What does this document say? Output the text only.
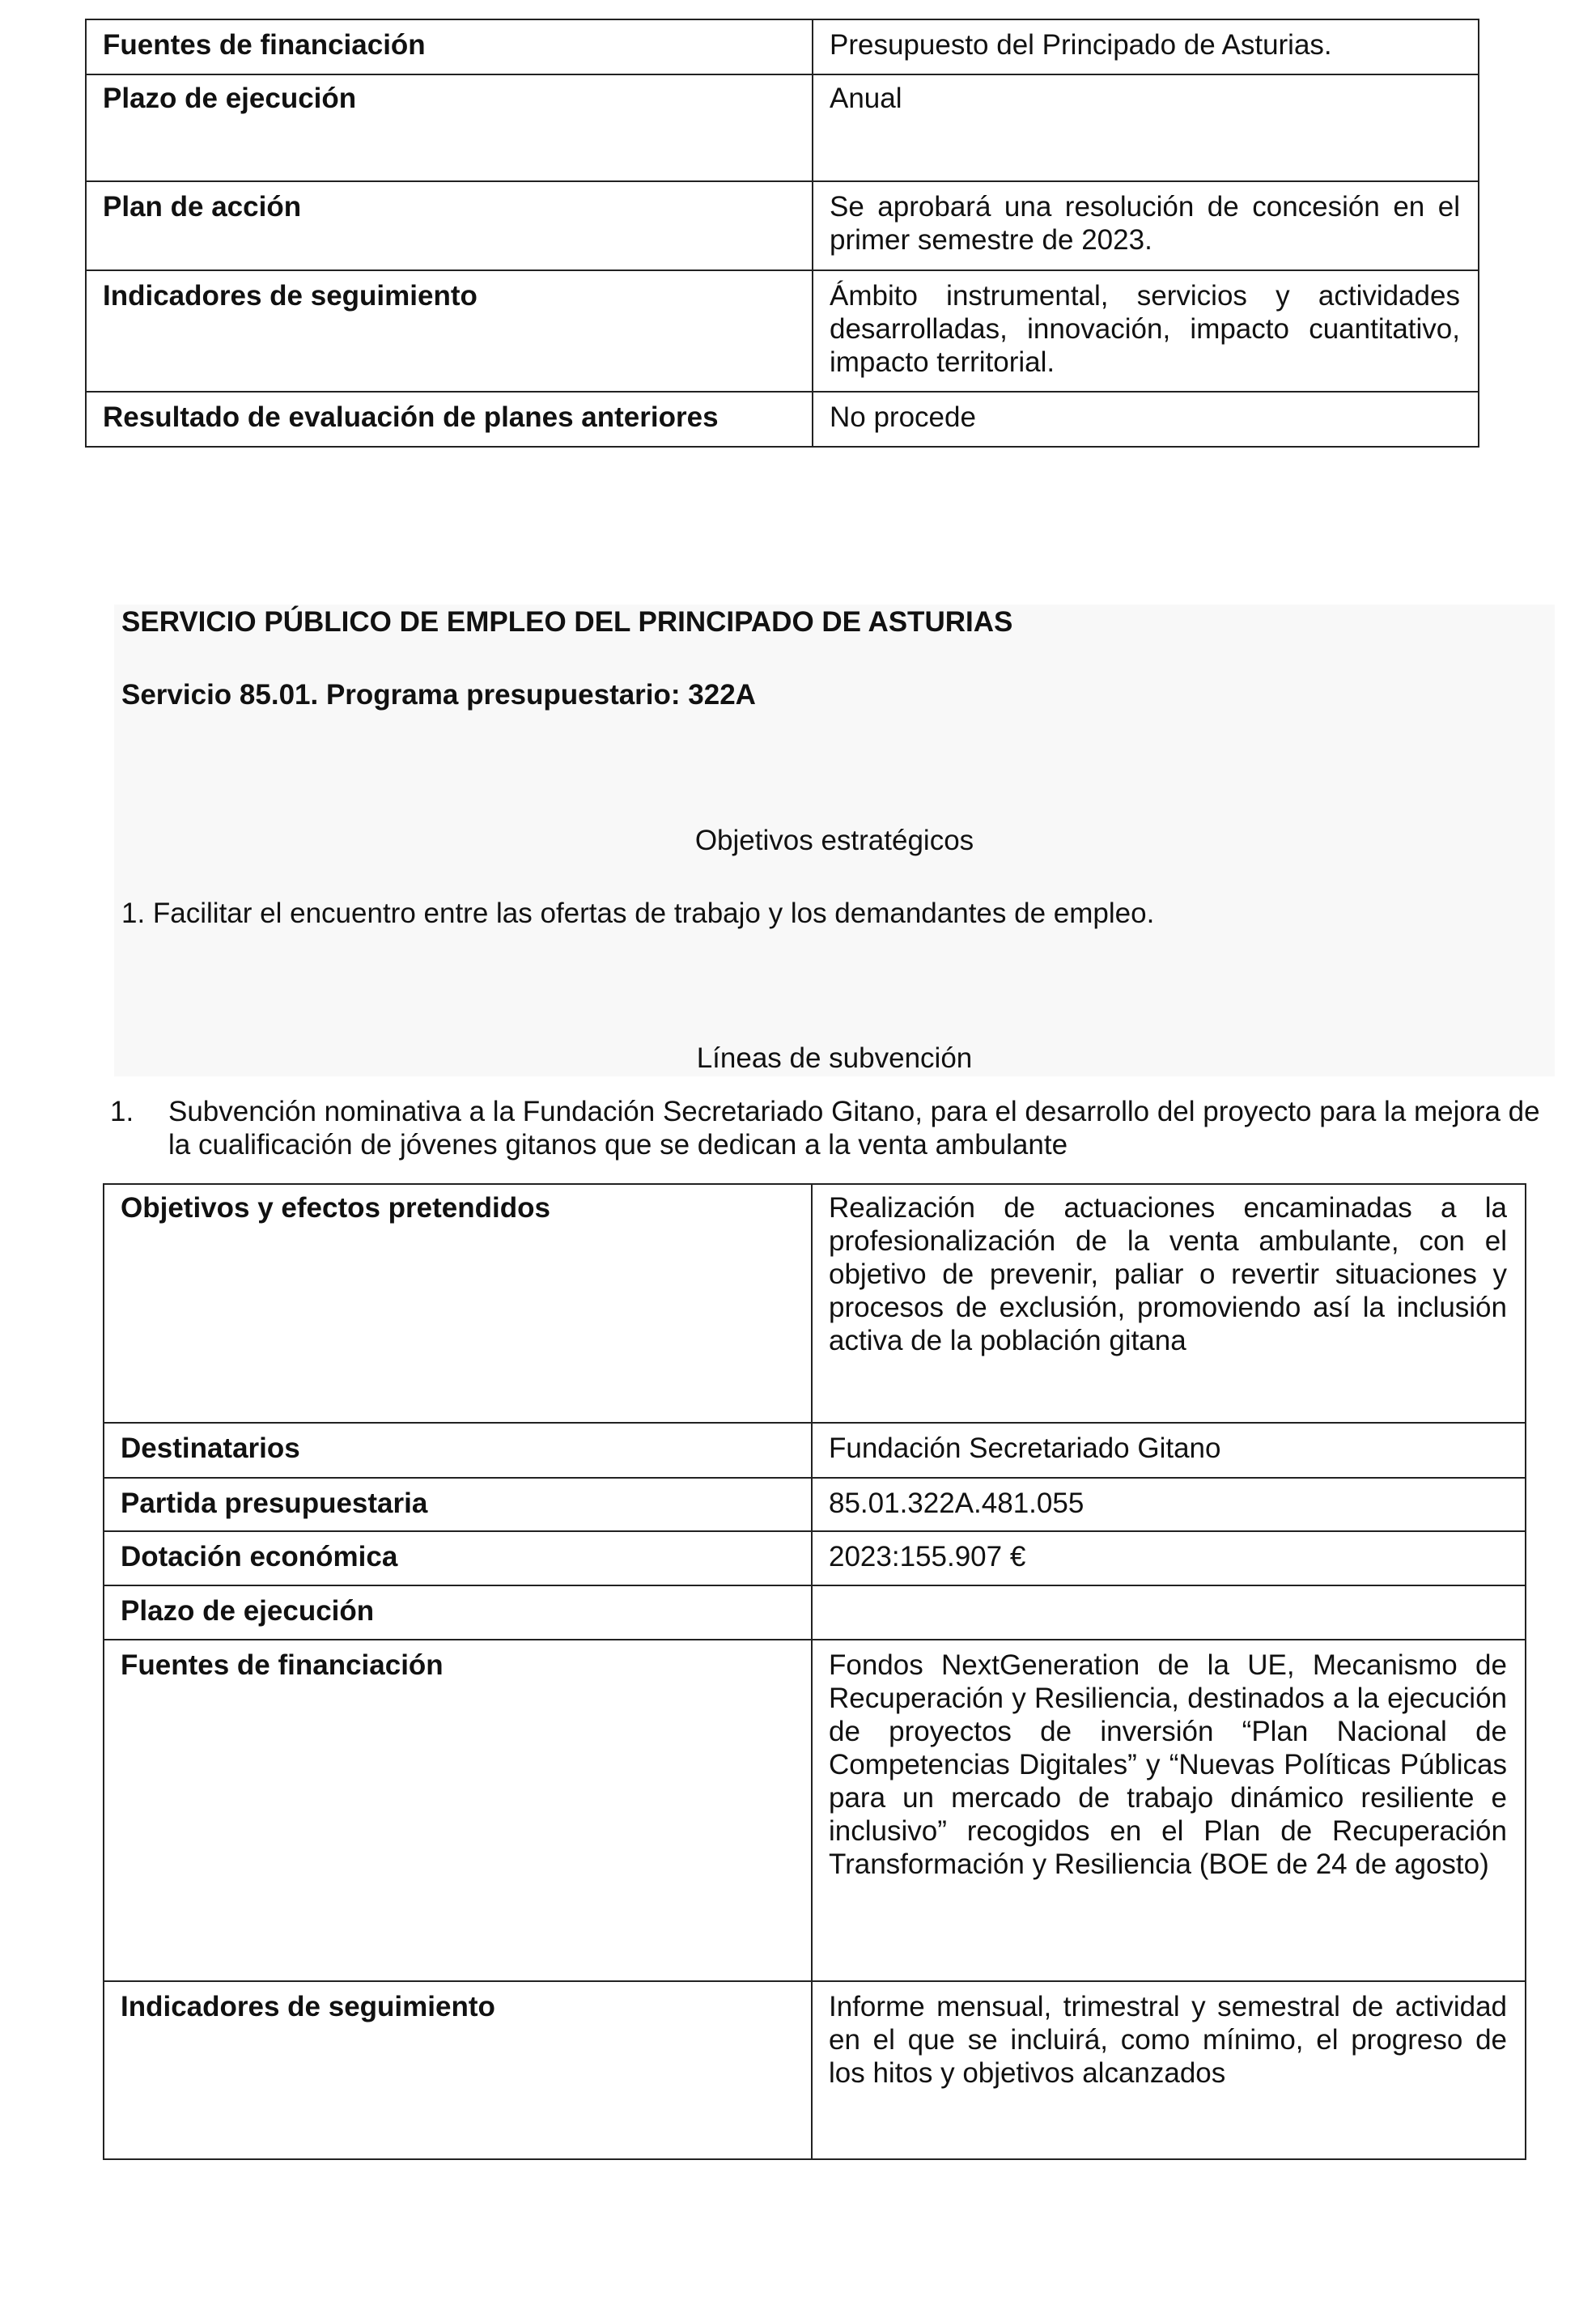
Fuentes de financiación	Presupuesto del Principado de Asturias.
Plazo de ejecución	Anual
Plan de acción	Se aprobará una resolución de concesión en el primer semestre de 2023.
Indicadores de seguimiento	Ámbito instrumental, servicios y actividades desarrolladas, innovación, impacto cuantitativo, impacto territorial.
Resultado de evaluación de planes anteriores	No procede
SERVICIO PÚBLICO DE EMPLEO DEL PRINCIPADO DE ASTURIAS
Servicio 85.01. Programa presupuestario: 322A
Objetivos estratégicos
1. Facilitar el encuentro entre las ofertas de trabajo y los demandantes de empleo.
Líneas de subvención
1. Subvención nominativa a la Fundación Secretariado Gitano, para el desarrollo del proyecto para la mejora de la cualificación de jóvenes gitanos que se dedican a la venta ambulante
Objetivos y efectos pretendidos	Realización de actuaciones encaminadas a la profesionalización de la venta ambulante, con el objetivo de prevenir, paliar o revertir situaciones y procesos de exclusión, promoviendo así la inclusión activa de la población gitana
Destinatarios	Fundación Secretariado Gitano
Partida presupuestaria	85.01.322A.481.055
Dotación económica	2023:155.907 €
Plazo de ejecución	
Fuentes de financiación	Fondos NextGeneration de la UE, Mecanismo de Recuperación y Resiliencia, destinados a la ejecución de proyectos de inversión “Plan Nacional de Competencias Digitales” y “Nuevas Políticas Públicas para un mercado de trabajo dinámico resiliente e inclusivo” recogidos en el Plan de Recuperación Transformación y Resiliencia (BOE de 24 de agosto)
Indicadores de seguimiento	Informe mensual, trimestral y semestral de actividad en el que se incluirá, como mínimo, el progreso de los hitos y objetivos alcanzados
